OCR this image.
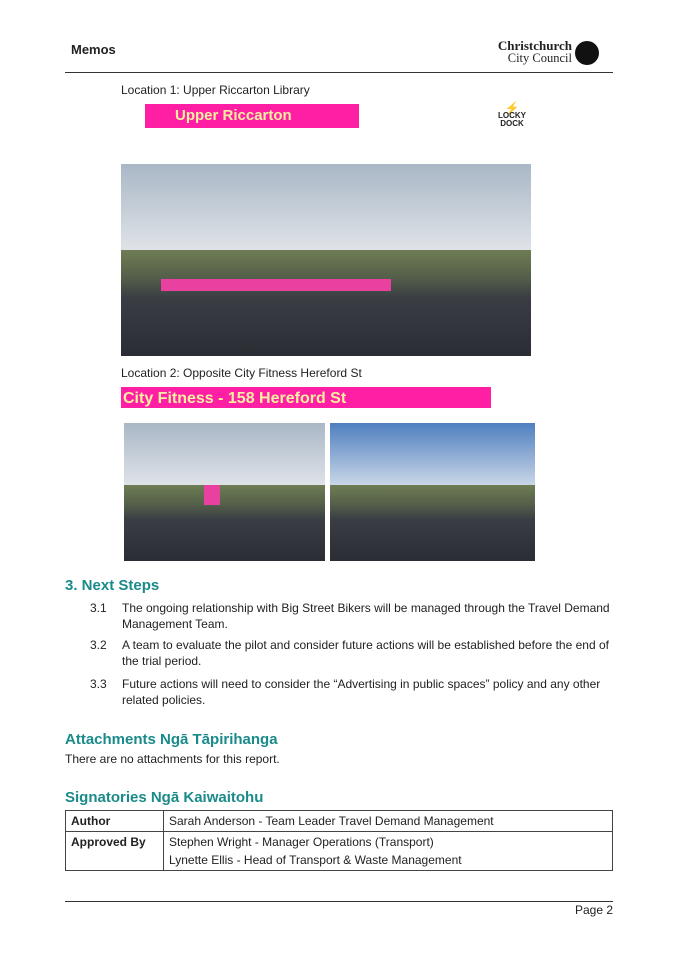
Memos	Christchurch
City Council
Location 1: Upper Riccarton Library
Upper Riccarton	⚡
LOCKY DOCK
Location 2: Opposite City Fitness Hereford St
City Fitness - 158 Hereford St
3. Next Steps
3.1	The ongoing relationship with Big Street Bikers will be managed through the Travel Demand Management Team.
3.2	A team to evaluate the pilot and consider future actions will be established before the end of the trial period.
3.3	Future actions will need to consider the “Advertising in public spaces” policy and any other related policies.
Attachments Ngā Tāpirihanga
There are no attachments for this report.
Signatories Ngā Kaiwaitohu
Author	Sarah Anderson - Team Leader Travel Demand Management
Approved By	Stephen Wright - Manager Operations (Transport)
Lynette Ellis - Head of Transport & Waste Management
Page 2
